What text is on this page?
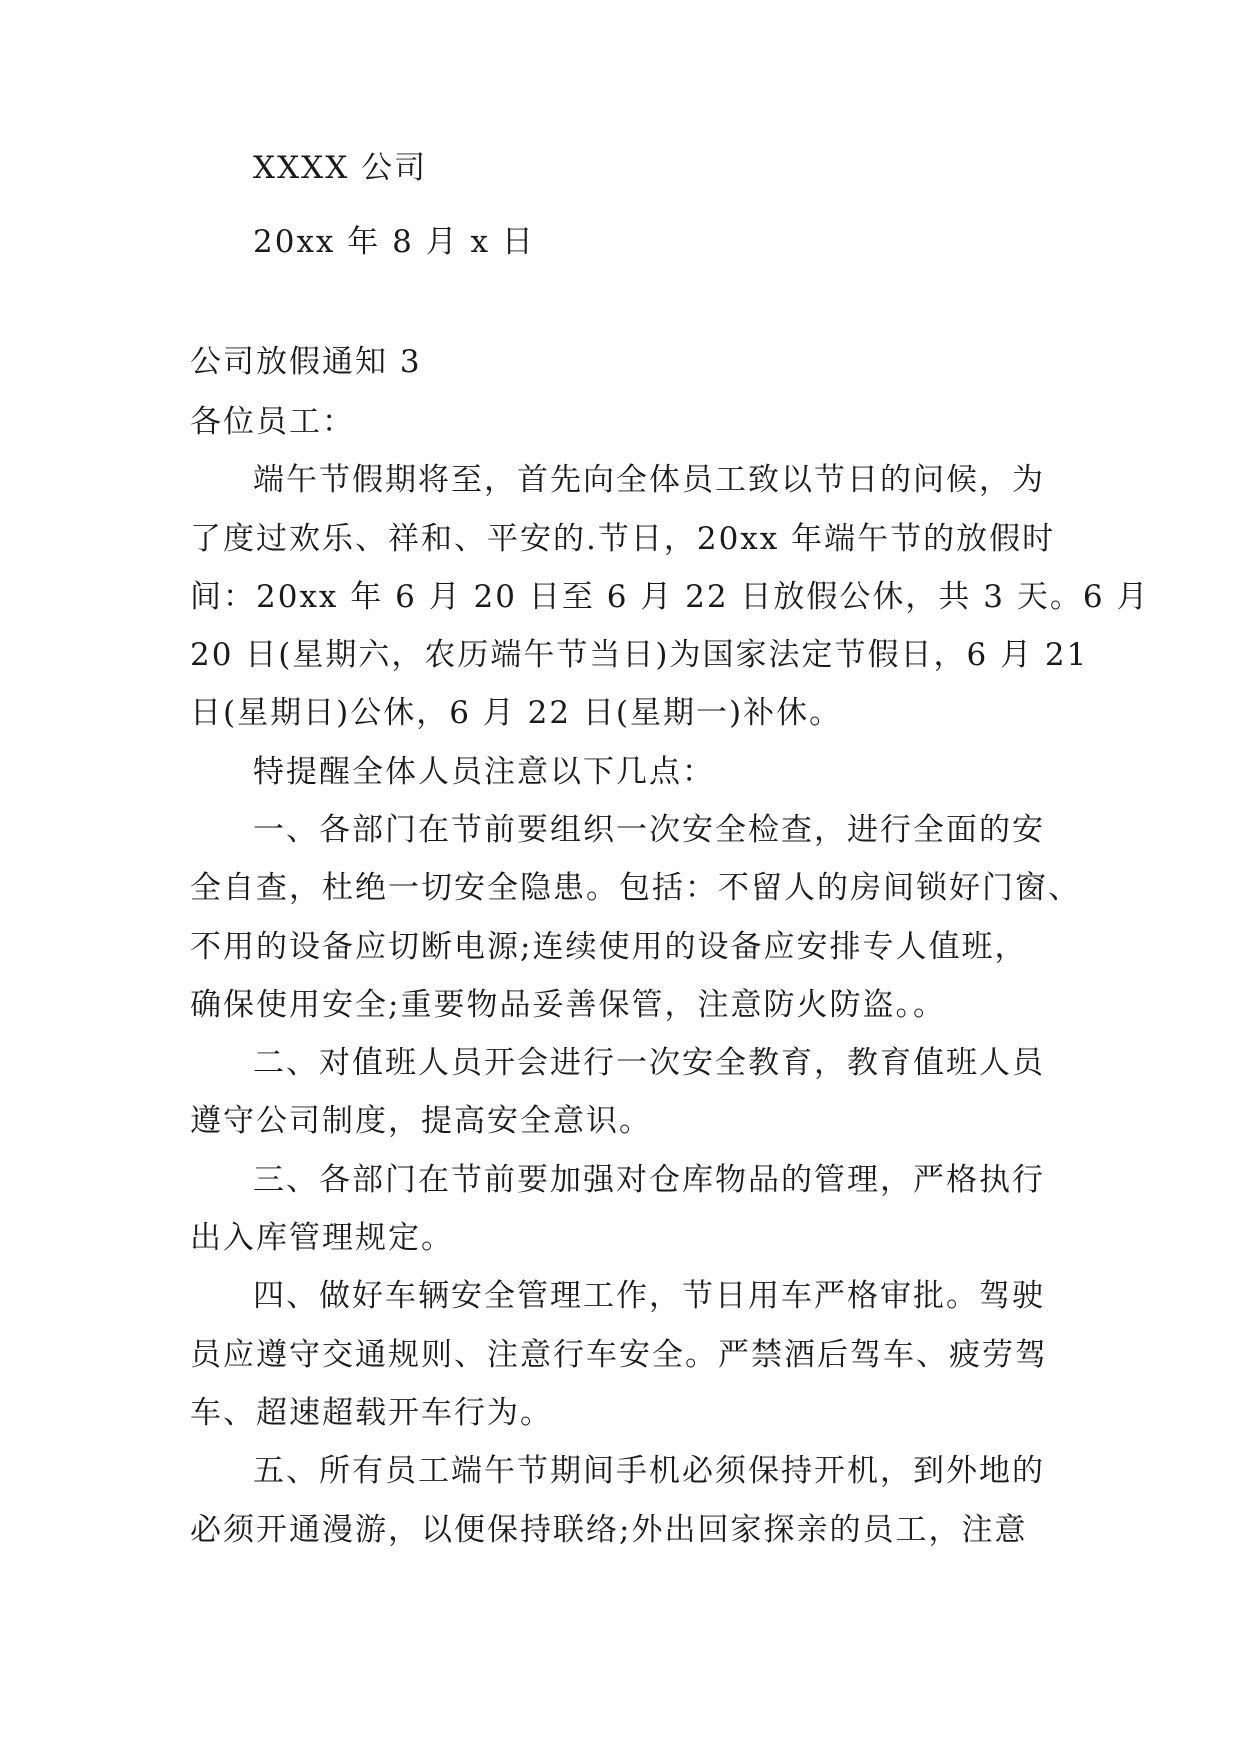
XXXX 公司
20xx 年 8 月 x 日
公司放假通知 3
各位员工：
端午节假期将至，首先向全体员工致以节日的问候，为
了度过欢乐、祥和、平安的.节日，20xx 年端午节的放假时
间：20xx 年 6 月 20 日至 6 月 22 日放假公休，共 3 天。6 月
20 日(星期六，农历端午节当日)为国家法定节假日，6 月 21
日(星期日)公休，6 月 22 日(星期一)补休。
特提醒全体人员注意以下几点：
一、各部门在节前要组织一次安全检查，进行全面的安
全自查，杜绝一切安全隐患。包括：不留人的房间锁好门窗、
不用的设备应切断电源;连续使用的设备应安排专人值班，
确保使用安全;重要物品妥善保管，注意防火防盗。。
二、对值班人员开会进行一次安全教育，教育值班人员
遵守公司制度，提高安全意识。
三、各部门在节前要加强对仓库物品的管理，严格执行
出入库管理规定。
四、做好车辆安全管理工作，节日用车严格审批。驾驶
员应遵守交通规则、注意行车安全。严禁酒后驾车、疲劳驾
车、超速超载开车行为。
五、所有员工端午节期间手机必须保持开机，到外地的
必须开通漫游，以便保持联络;外出回家探亲的员工，注意
